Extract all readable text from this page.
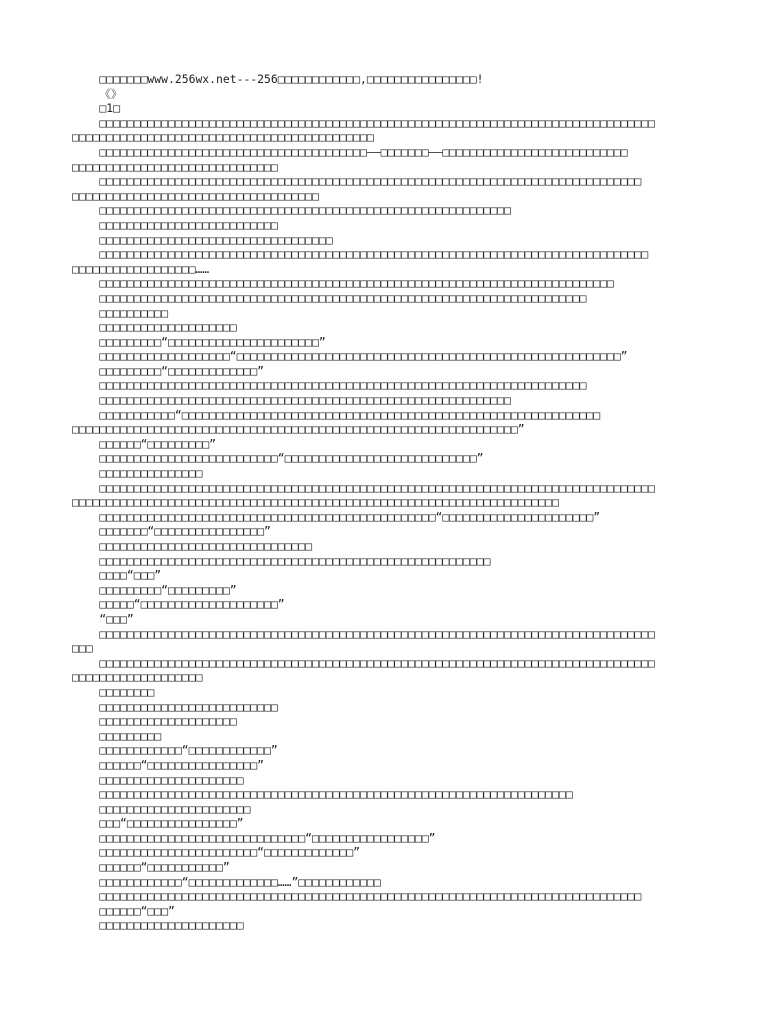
□□□□□□□www.256wx.net---256□□□□□□□□□□□□,□□□□□□□□□□□□□□□□!
《》
□1□
□□□□□□□□□□□□□□□□□□□□□□□□□□□□□□□□□□□□□□□□□□□□□□□□□□□□□□□□□□□□□□□□□□□□□□□□□□□□□□□□□
□□□□□□□□□□□□□□□□□□□□□□□□□□□□□□□□□□□□□□□□□□□□
□□□□□□□□□□□□□□□□□□□□□□□□□□□□□□□□□□□□□□□——□□□□□□□——□□□□□□□□□□□□□□□□□□□□□□□□□□□
□□□□□□□□□□□□□□□□□□□□□□□□□□□□□□
□□□□□□□□□□□□□□□□□□□□□□□□□□□□□□□□□□□□□□□□□□□□□□□□□□□□□□□□□□□□□□□□□□□□□□□□□□□□□□□
□□□□□□□□□□□□□□□□□□□□□□□□□□□□□□□□□□□□
□□□□□□□□□□□□□□□□□□□□□□□□□□□□□□□□□□□□□□□□□□□□□□□□□□□□□□□□□□□□
□□□□□□□□□□□□□□□□□□□□□□□□□□
□□□□□□□□□□□□□□□□□□□□□□□□□□□□□□□□□□
□□□□□□□□□□□□□□□□□□□□□□□□□□□□□□□□□□□□□□□□□□□□□□□□□□□□□□□□□□□□□□□□□□□□□□□□□□□□□□□□
□□□□□□□□□□□□□□□□□□……
□□□□□□□□□□□□□□□□□□□□□□□□□□□□□□□□□□□□□□□□□□□□□□□□□□□□□□□□□□□□□□□□□□□□□□□□□□□
□□□□□□□□□□□□□□□□□□□□□□□□□□□□□□□□□□□□□□□□□□□□□□□□□□□□□□□□□□□□□□□□□□□□□□□
□□□□□□□□□□
□□□□□□□□□□□□□□□□□□□□
□□□□□□□□□“□□□□□□□□□□□□□□□□□□□□□□”
□□□□□□□□□□□□□□□□□□□“□□□□□□□□□□□□□□□□□□□□□□□□□□□□□□□□□□□□□□□□□□□□□□□□□□□□□□□□”
□□□□□□□□□“□□□□□□□□□□□□□”
□□□□□□□□□□□□□□□□□□□□□□□□□□□□□□□□□□□□□□□□□□□□□□□□□□□□□□□□□□□□□□□□□□□□□□□
□□□□□□□□□□□□□□□□□□□□□□□□□□□□□□□□□□□□□□□□□□□□□□□□□□□□□□□□□□□□
□□□□□□□□□□□“□□□□□□□□□□□□□□□□□□□□□□□□□□□□□□□□□□□□□□□□□□□□□□□□□□□□□□□□□□□□□
□□□□□□□□□□□□□□□□□□□□□□□□□□□□□□□□□□□□□□□□□□□□□□□□□□□□□□□□□□□□□□□□□”
□□□□□□“□□□□□□□□□”
□□□□□□□□□□□□□□□□□□□□□□□□□□“□□□□□□□□□□□□□□□□□□□□□□□□□□□□”
□□□□□□□□□□□□□□□
□□□□□□□□□□□□□□□□□□□□□□□□□□□□□□□□□□□□□□□□□□□□□□□□□□□□□□□□□□□□□□□□□□□□□□□□□□□□□□□□□
□□□□□□□□□□□□□□□□□□□□□□□□□□□□□□□□□□□□□□□□□□□□□□□□□□□□□□□□□□□□□□□□□□□□□□□
□□□□□□□□□□□□□□□□□□□□□□□□□□□□□□□□□□□□□□□□□□□□□□□□□“□□□□□□□□□□□□□□□□□□□□□□”
□□□□□□□“□□□□□□□□□□□□□□□□”
□□□□□□□□□□□□□□□□□□□□□□□□□□□□□□□
□□□□□□□□□□□□□□□□□□□□□□□□□□□□□□□□□□□□□□□□□□□□□□□□□□□□□□□□□
□□□□“□□□”
□□□□□□□□□“□□□□□□□□□”
□□□□□“□□□□□□□□□□□□□□□□□□□□”
“□□□”
□□□□□□□□□□□□□□□□□□□□□□□□□□□□□□□□□□□□□□□□□□□□□□□□□□□□□□□□□□□□□□□□□□□□□□□□□□□□□□□□□
□□□
□□□□□□□□□□□□□□□□□□□□□□□□□□□□□□□□□□□□□□□□□□□□□□□□□□□□□□□□□□□□□□□□□□□□□□□□□□□□□□□□□
□□□□□□□□□□□□□□□□□□□
□□□□□□□□
□□□□□□□□□□□□□□□□□□□□□□□□□□
□□□□□□□□□□□□□□□□□□□□
□□□□□□□□□
□□□□□□□□□□□□“□□□□□□□□□□□□”
□□□□□□“□□□□□□□□□□□□□□□□”
□□□□□□□□□□□□□□□□□□□□□
□□□□□□□□□□□□□□□□□□□□□□□□□□□□□□□□□□□□□□□□□□□□□□□□□□□□□□□□□□□□□□□□□□□□□
□□□□□□□□□□□□□□□□□□□□□□
□□□“□□□□□□□□□□□□□□□□”
□□□□□□□□□□□□□□□□□□□□□□□□□□□□□□“□□□□□□□□□□□□□□□□□”
□□□□□□□□□□□□□□□□□□□□□□□“□□□□□□□□□□□□□”
□□□□□□“□□□□□□□□□□□”
□□□□□□□□□□□□“□□□□□□□□□□□□□……”□□□□□□□□□□□□
□□□□□□□□□□□□□□□□□□□□□□□□□□□□□□□□□□□□□□□□□□□□□□□□□□□□□□□□□□□□□□□□□□□□□□□□□□□□□□□
□□□□□□“□□□”
□□□□□□□□□□□□□□□□□□□□□
